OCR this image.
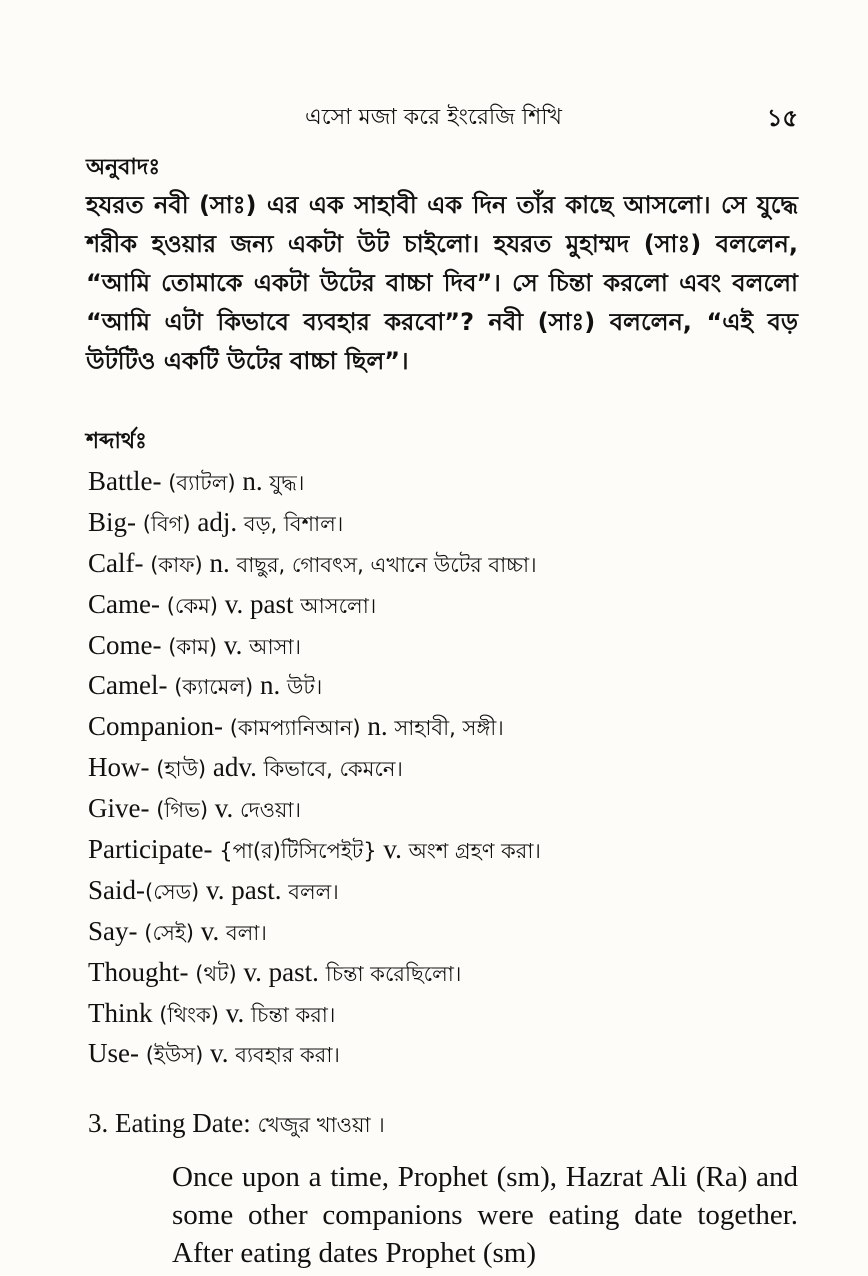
এসো মজা করে ইংরেজি শিখি	১৫
অনুবাদঃ
হযরত নবী (সাঃ) এর এক সাহাবী এক দিন তাঁর কাছে আসলো। সে যুদ্ধে শরীক হওয়ার জন্য একটা উট চাইলো। হযরত মুহাম্মদ (সাঃ) বললেন, “আমি তোমাকে একটা উটের বাচ্চা দিব”। সে চিন্তা করলো এবং বললো “আমি এটা কিভাবে ব্যবহার করবো”? নবী (সাঃ) বললেন, “এই বড় উটটিও একটি উটের বাচ্চা ছিল”।
শব্দার্থঃ
Battle- (ব্যাটল) n. যুদ্ধ।
Big- (বিগ) adj. বড়, বিশাল।
Calf- (কাফ) n. বাছুর, গোবৎস, এখানে উটের বাচ্চা।
Came- (কেম) v. past আসলো।
Come- (কাম) v. আসা।
Camel- (ক্যামেল) n. উট।
Companion- (কামপ্যানিআন) n. সাহাবী, সঙ্গী।
How- (হাউ) adv. কিভাবে, কেমনে।
Give- (গিভ) v. দেওয়া।
Participate- {পা(র)টিসিপেইট} v. অংশ গ্রহণ করা।
Said-(সেড) v. past. বলল।
Say- (সেই) v. বলা।
Thought- (থট) v. past. চিন্তা করেছিলো।
Think (থিংক) v. চিন্তা করা।
Use- (ইউস) v. ব্যবহার করা।
3. Eating Date: খেজুর খাওয়া ।
Once upon a time, Prophet (sm), Hazrat Ali (Ra) and some other companions were eating date together. After eating dates Prophet (sm)
